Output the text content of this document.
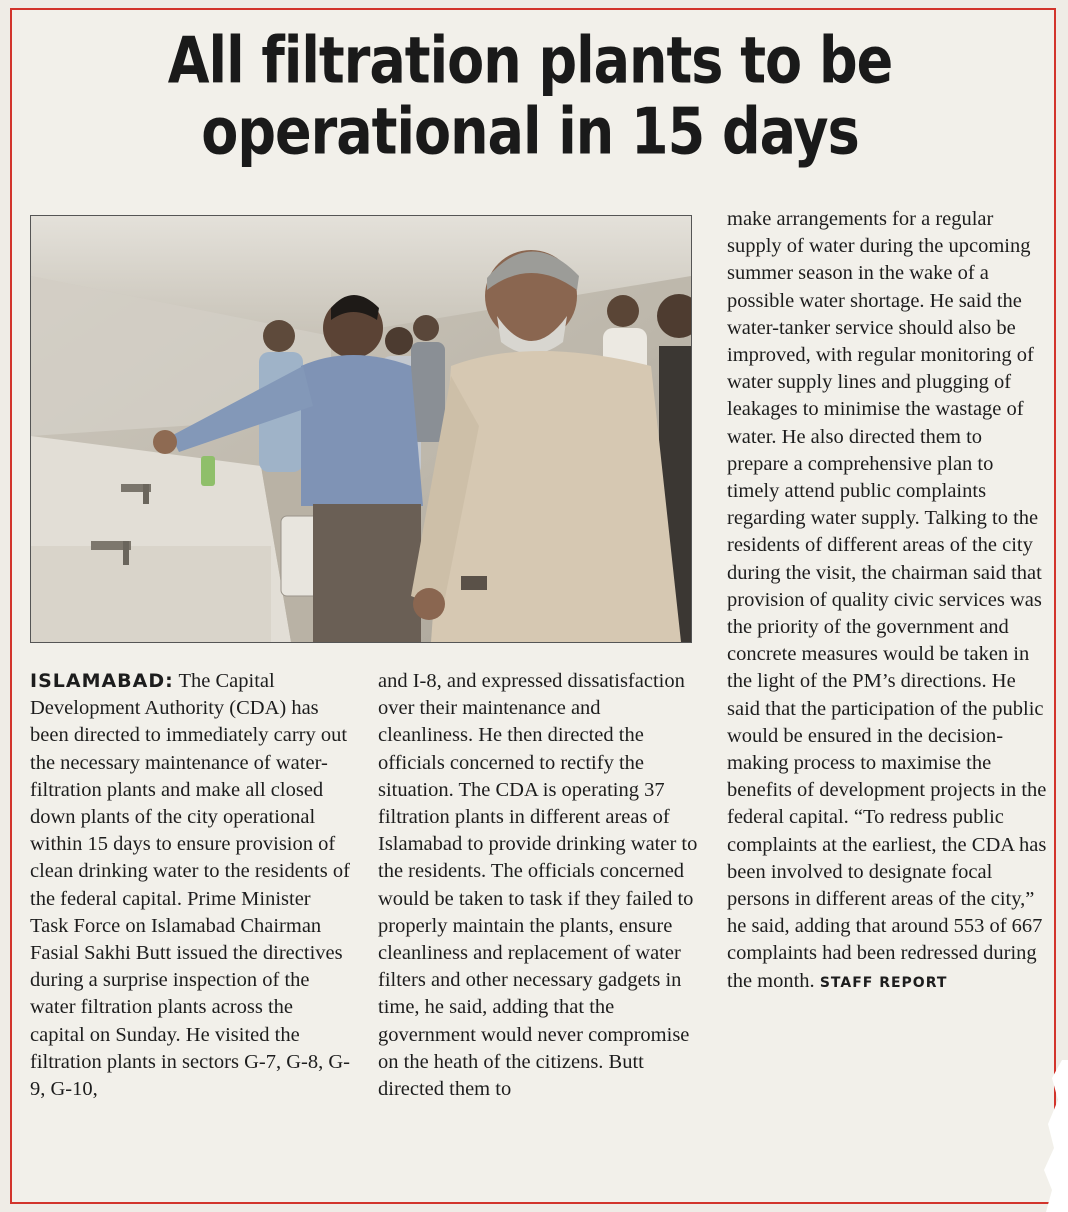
All filtration plants to be operational in 15 days

ISLAMABAD: The Capital Development Authority (CDA) has been directed to immediately carry out the necessary maintenance of water-filtration plants and make all closed down plants of the city operational within 15 days to ensure provision of clean drinking water to the residents of the federal capital. Prime Minister Task Force on Islamabad Chairman Fasial Sakhi Butt issued the directives during a surprise inspection of the water filtration plants across the capital on Sunday. He visited the filtration plants in sectors G-7, G-8, G-9, G-10,

and I-8, and expressed dissatisfaction over their maintenance and cleanliness. He then directed the officials concerned to rectify the situation. The CDA is operating 37 filtration plants in different areas of Islamabad to provide drinking water to the residents. The officials concerned would be taken to task if they failed to properly maintain the plants, ensure cleanliness and replacement of water filters and other necessary gadgets in time, he said, adding that the government would never compromise on the heath of the citizens. Butt directed them to

make arrangements for a regular supply of water during the upcoming summer season in the wake of a possible water shortage. He said the water-tanker service should also be improved, with regular monitoring of water supply lines and plugging of leakages to minimise the wastage of water. He also directed them to prepare a comprehensive plan to timely attend public complaints regarding water supply. Talking to the residents of different areas of the city during the visit, the chairman said that provision of quality civic services was the priority of the government and concrete measures would be taken in the light of the PM’s directions. He said that the participation of the public would be ensured in the decision-making process to maximise the benefits of development projects in the federal capital. “To redress public complaints at the earliest, the CDA has been involved to designate focal persons in different areas of the city,” he said, adding that around 553 of 667 complaints had been redressed during the month. STAFF REPORT
